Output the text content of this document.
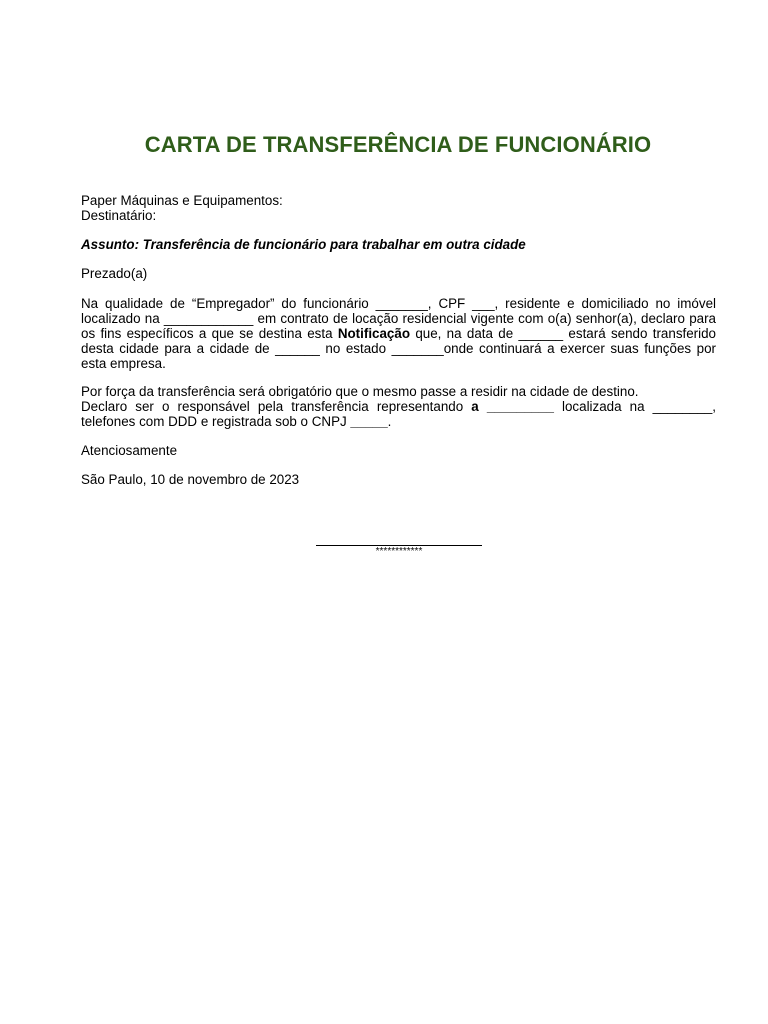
CARTA DE TRANSFERÊNCIA DE FUNCIONÁRIO
Paper Máquinas e Equipamentos:
Destinatário:
Assunto: Transferência de funcionário para trabalhar em outra cidade
Prezado(a)
Na qualidade de “Empregador” do funcionário _______, CPF ___, residente e domiciliado no imóvel
localizado na ____________ em contrato de locação residencial vigente com o(a) senhor(a), declaro para
os fins específicos a que se destina esta Notificação que, na data de ______ estará sendo transferido
desta cidade para a cidade de ______ no estado _______onde continuará a exercer suas funções por
esta empresa.
Por força da transferência será obrigatório que o mesmo passe a residir na cidade de destino.
Declaro ser o responsável pela transferência representando a _________ localizada na ________,
telefones com DDD e registrada sob o CNPJ _____.
Atenciosamente
São Paulo, 10 de novembro de 2023
************
